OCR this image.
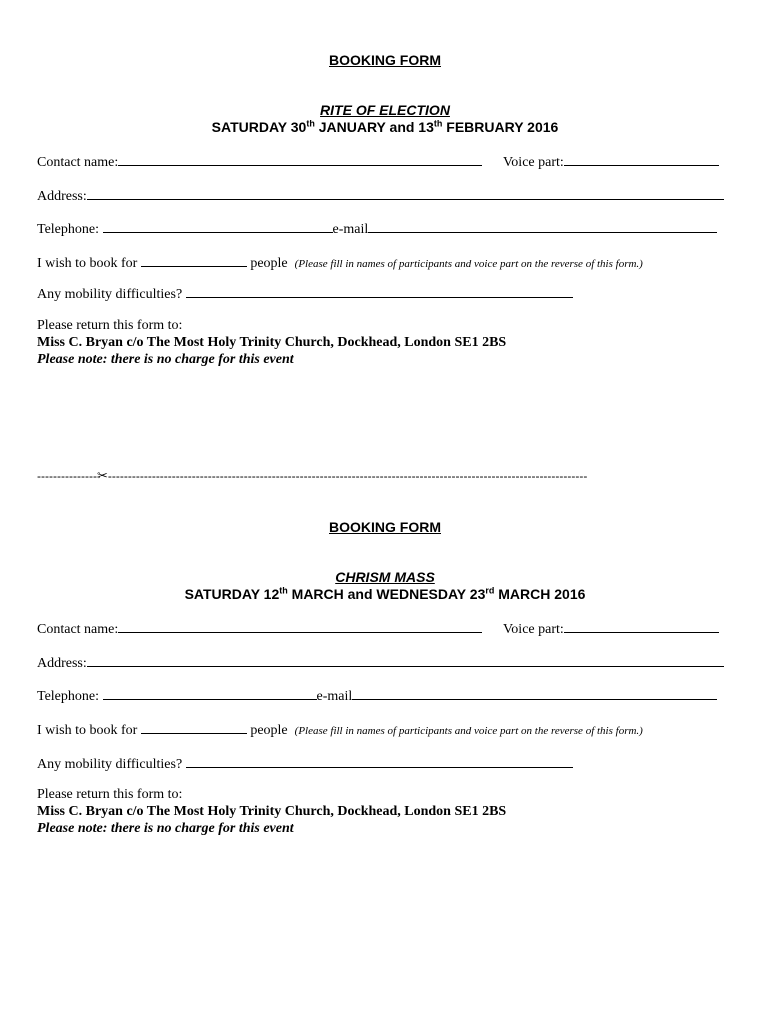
BOOKING FORM
RITE OF ELECTION
SATURDAY 30th JANUARY and 13th FEBRUARY 2016
Contact name:	Voice part:
Address:
Telephone:	e-mail
I wish to book for	people (Please fill in names of participants and voice part on the reverse of this form.)
Any mobility difficulties?
Please return this form to:
Miss C. Bryan c/o The Most Holy Trinity Church, Dockhead, London SE1 2BS
Please note: there is no charge for this event
---------------✂------------------------------------------------------------------------------------------------------------------------
BOOKING FORM
CHRISM MASS
SATURDAY 12th MARCH and WEDNESDAY 23rd MARCH 2016
Contact name:	Voice part:
Address:
Telephone:	e-mail
I wish to book for	people (Please fill in names of participants and voice part on the reverse of this form.)
Any mobility difficulties?
Please return this form to:
Miss C. Bryan c/o The Most Holy Trinity Church, Dockhead, London SE1 2BS
Please note: there is no charge for this event
